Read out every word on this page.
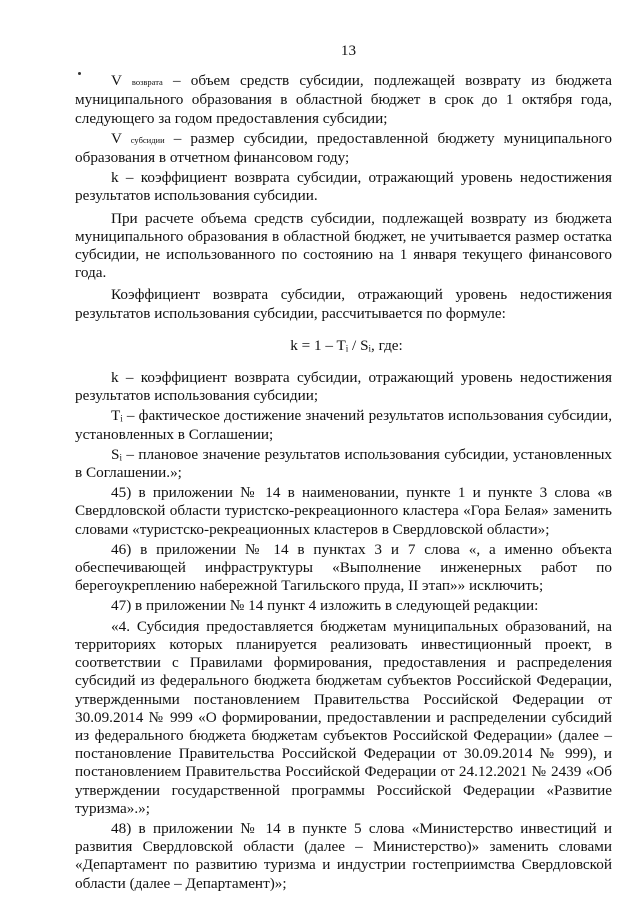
13

V возврата – объем средств субсидии, подлежащей возврату из бюджета муниципального образования в областной бюджет в срок до 1 октября года, следующего за годом предоставления субсидии;

V субсидии – размер субсидии, предоставленной бюджету муниципального образования в отчетном финансовом году;

k – коэффициент возврата субсидии, отражающий уровень недостижения результатов использования субсидии.

При расчете объема средств субсидии, подлежащей возврату из бюджета муниципального образования в областной бюджет, не учитывается размер остатка субсидии, не использованного по состоянию на 1 января текущего финансового года.

Коэффициент возврата субсидии, отражающий уровень недостижения результатов использования субсидии, рассчитывается по формуле:

k = 1 – Tᵢ / Sᵢ, где:

k – коэффициент возврата субсидии, отражающий уровень недостижения результатов использования субсидии;

Tᵢ – фактическое достижение значений результатов использования субсидии, установленных в Соглашении;

Sᵢ – плановое значение результатов использования субсидии, установленных в Соглашении.»;

45) в приложении № 14 в наименовании, пункте 1 и пункте 3 слова «в Свердловской области туристско-рекреационного кластера «Гора Белая» заменить словами «туристско-рекреационных кластеров в Свердловской области»;

46) в приложении № 14 в пунктах 3 и 7 слова «, а именно объекта обеспечивающей инфраструктуры «Выполнение инженерных работ по берегоукреплению набережной Тагильского пруда, II этап»» исключить;

47) в приложении № 14 пункт 4 изложить в следующей редакции:

«4. Субсидия предоставляется бюджетам муниципальных образований, на территориях которых планируется реализовать инвестиционный проект, в соответствии с Правилами формирования, предоставления и распределения субсидий из федерального бюджета бюджетам субъектов Российской Федерации, утвержденными постановлением Правительства Российской Федерации от 30.09.2014 № 999 «О формировании, предоставлении и распределении субсидий из федерального бюджета бюджетам субъектов Российской Федерации» (далее – постановление Правительства Российской Федерации от 30.09.2014 № 999), и постановлением Правительства Российской Федерации от 24.12.2021 № 2439 «Об утверждении государственной программы Российской Федерации «Развитие туризма».»;

48) в приложении № 14 в пункте 5 слова «Министерство инвестиций и развития Свердловской области (далее – Министерство)» заменить словами «Департамент по развитию туризма и индустрии гостеприимства Свердловской области (далее – Департамент)»;
